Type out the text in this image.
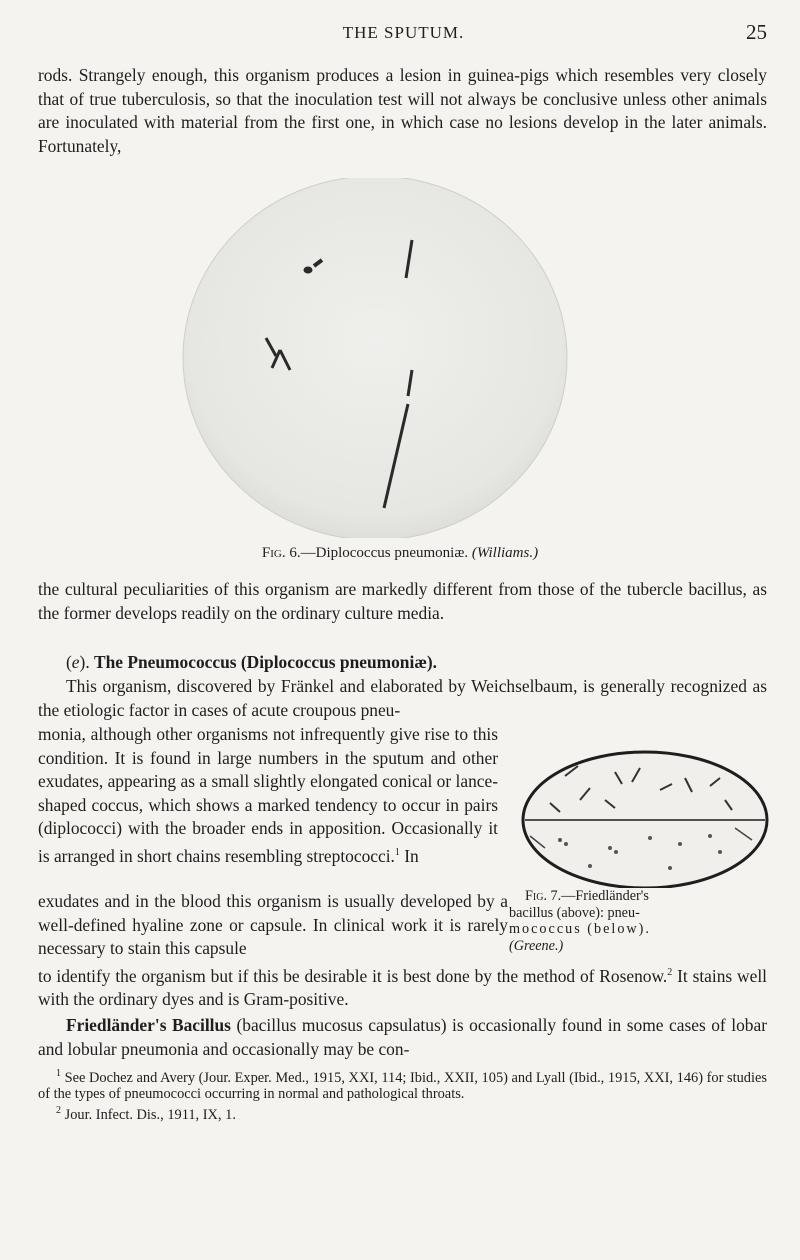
THE SPUTUM.	25

rods. Strangely enough, this organism produces a lesion in guinea-pigs which resembles very closely that of true tuberculosis, so that the inoculation test will not always be conclusive unless other animals are inoculated with material from the first one, in which case no lesions develop in the later animals. Fortunately,

Fig. 6.—Diplococcus pneumoniæ. (Williams.)

the cultural peculiarities of this organism are markedly different from those of the tubercle bacillus, as the former develops readily on the ordinary culture media.

(e). The Pneumococcus (Diplococcus pneumoniæ).

This organism, discovered by Fränkel and elaborated by Weichselbaum, is generally recognized as the etiologic factor in cases of acute croupous pneu-

monia, although other organisms not infrequently give rise to this condition. It is found in large numbers in the sputum and other exudates, appearing as a small slightly elongated conical or lance-shaped coccus, which shows a marked tendency to occur in pairs (diplococci) with the broader ends in apposition. Occasionally it is arranged in short chains resembling streptococci.$^1$ In

Fig. 7.—Friedländer's
bacillus (above): pneu-
mococcus (below).
(Greene.)

exudates and in the blood this organism is usually developed by a well-defined hyaline zone or capsule. In clinical work it is rarely necessary to stain this capsule

to identify the organism but if this be desirable it is best done by the method of Rosenow.$^2$ It stains well with the ordinary dyes and is Gram-positive.

Friedländer's Bacillus (bacillus mucosus capsulatus) is occasionally found in some cases of lobar and lobular pneumonia and occasionally may be con-

$^1$ See Dochez and Avery (Jour. Exper. Med., 1915, XXI, 114; Ibid., XXII, 105) and Lyall (Ibid., 1915, XXI, 146) for studies of the types of pneumococci occurring in normal and pathological throats.

$^2$ Jour. Infect. Dis., 1911, IX, 1.
